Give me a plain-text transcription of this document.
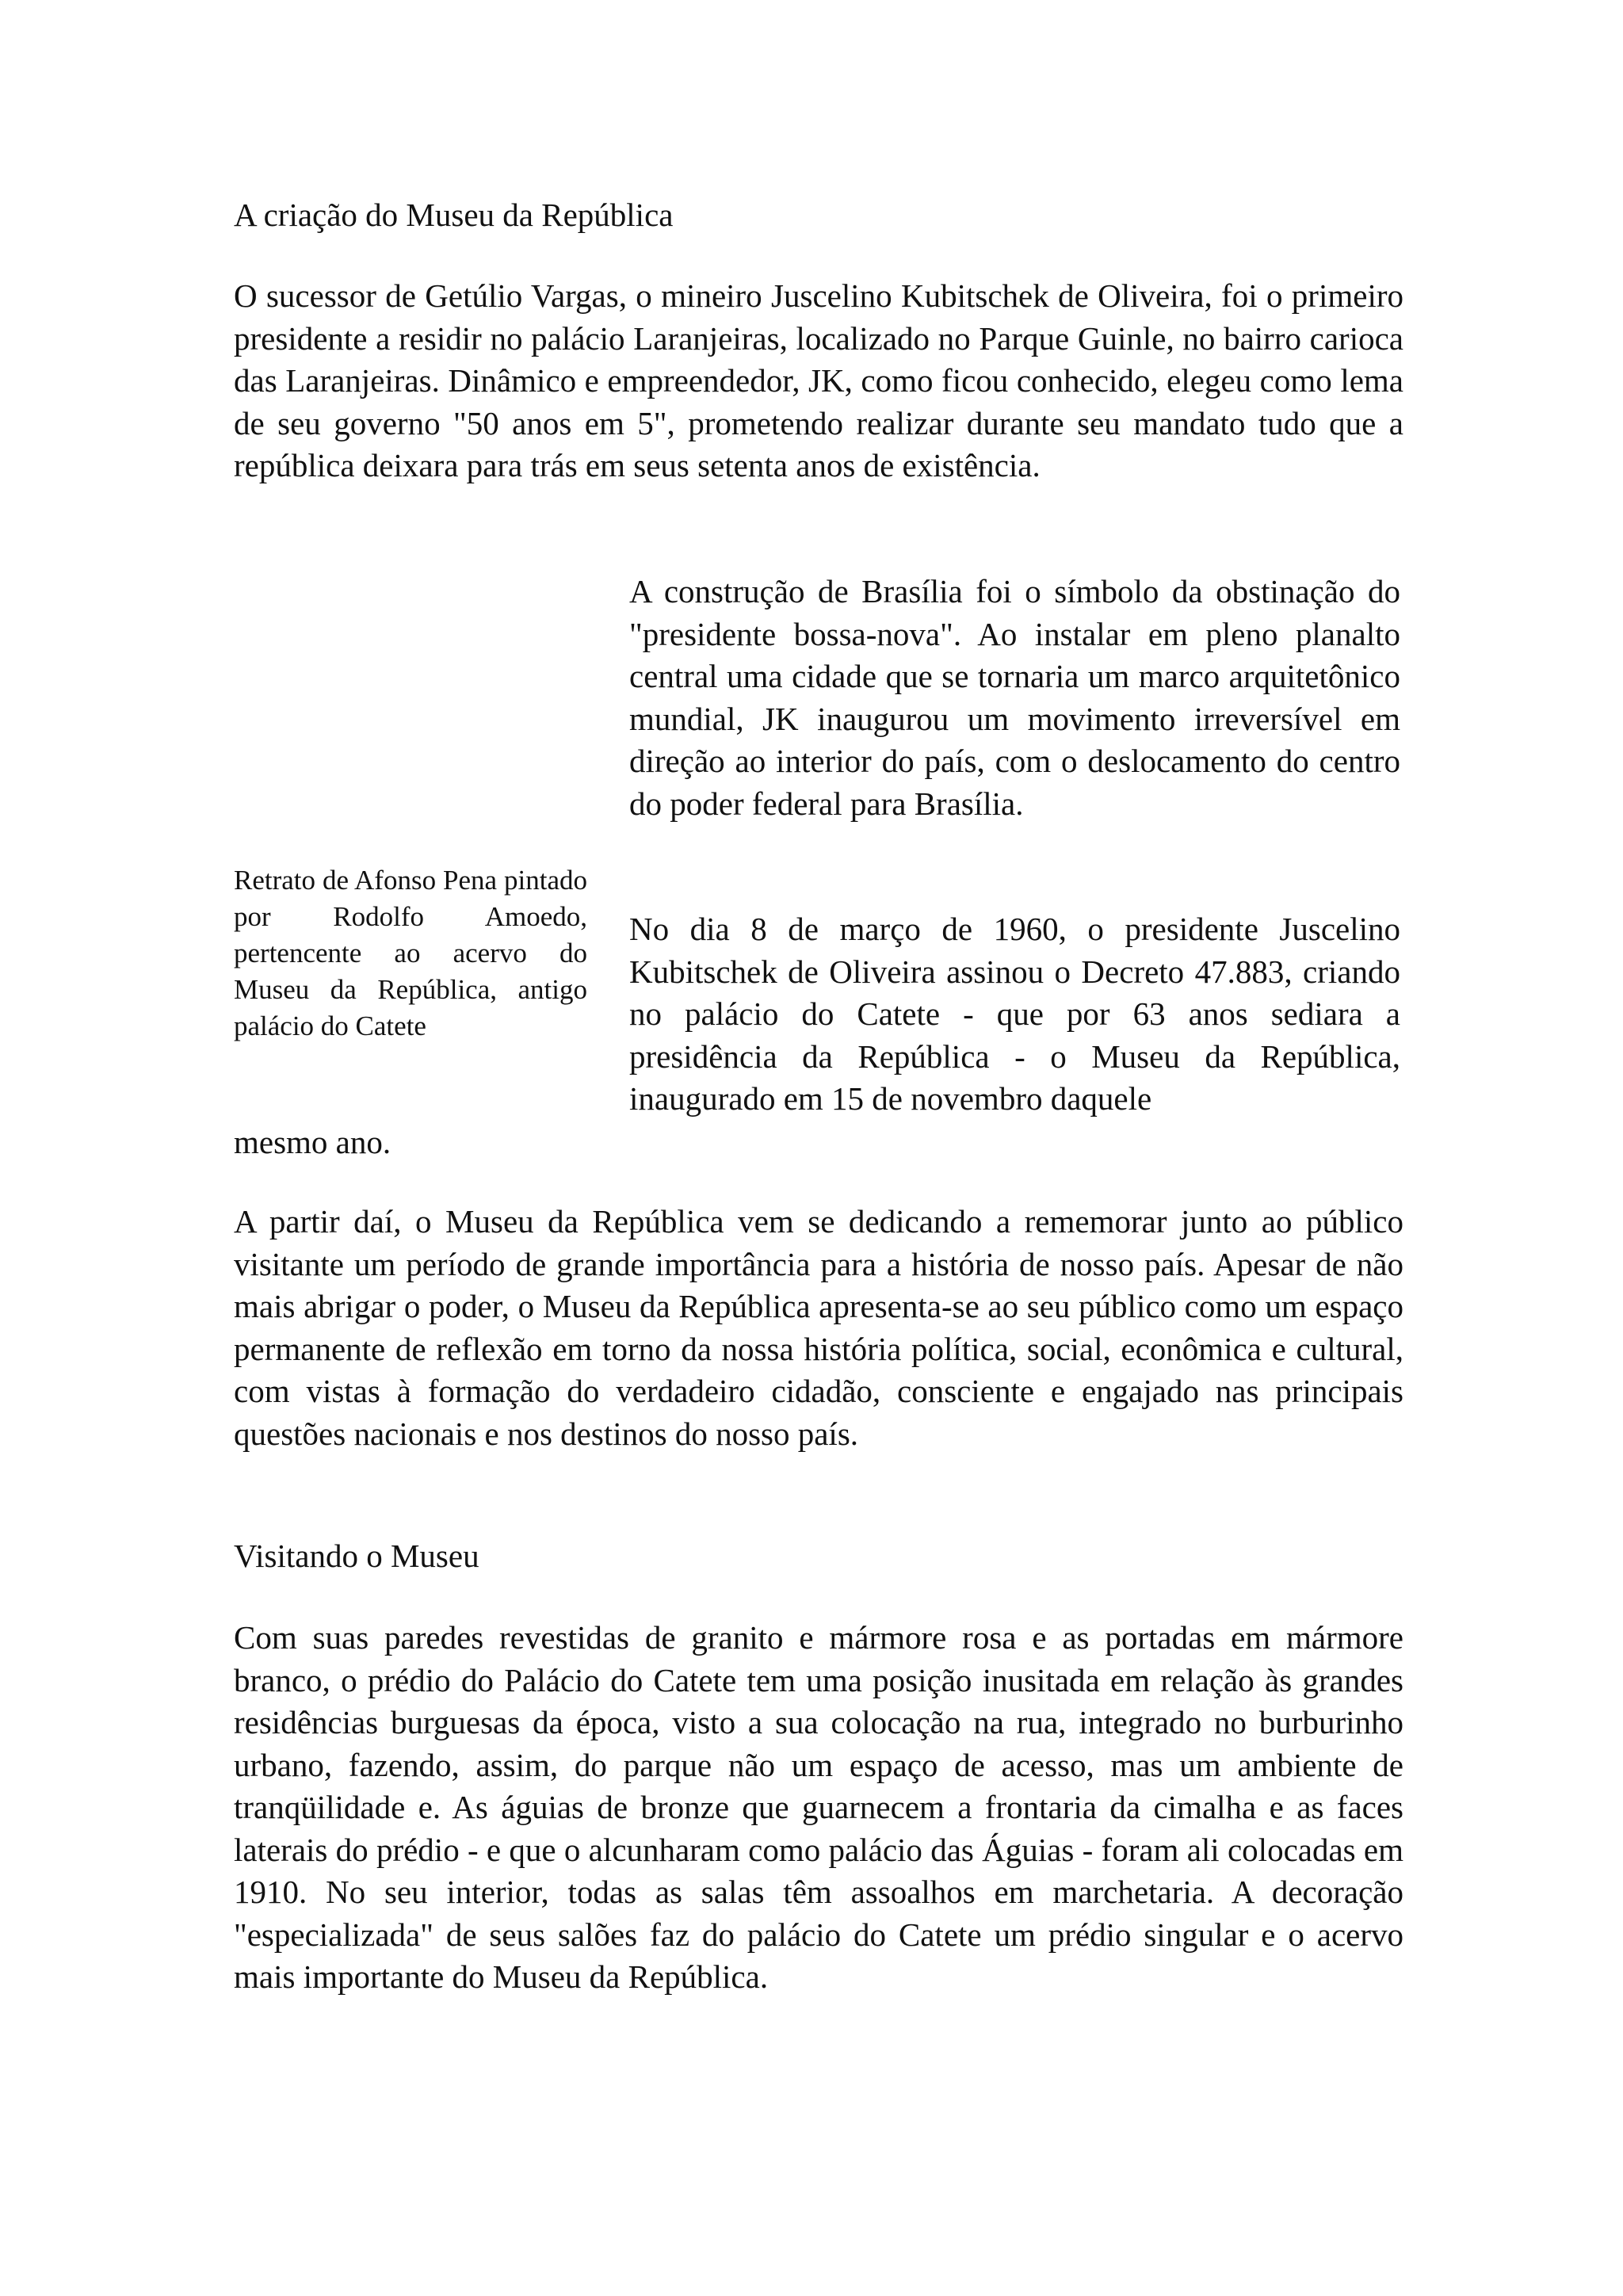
A criação do Museu da República

O sucessor de Getúlio Vargas, o mineiro Juscelino Kubitschek de Oliveira, foi o primeiro presidente a residir no palácio Laranjeiras, localizado no Parque Guinle, no bairro carioca das Laranjeiras. Dinâmico e empreendedor, JK, como ficou conhecido, elegeu como lema de seu governo "50 anos em 5", prometendo realizar durante seu mandato tudo que a república deixara para trás em seus setenta anos de existência.

Retrato de Afonso Pena pintado por Rodolfo Amoedo, pertencente ao acervo do Museu da República, antigo palácio do Catete

A construção de Brasília foi o símbolo da obstinação do "presidente bossa-nova". Ao instalar em pleno planalto central uma cidade que se tornaria um marco arquitetônico mundial, JK inaugurou um movimento irreversível em direção ao interior do país, com o deslocamento do centro do poder federal para Brasília.

No dia 8 de março de 1960, o presidente Juscelino Kubitschek de Oliveira assinou o Decreto 47.883, criando no palácio do Catete - que por 63 anos sediara a presidência da República - o Museu da República, inaugurado em 15 de novembro daquele

mesmo ano.

A partir daí, o Museu da República vem se dedicando a rememorar junto ao público visitante um período de grande importância para a história de nosso país. Apesar de não mais abrigar o poder, o Museu da República apresenta-se ao seu público como um espaço permanente de reflexão em torno da nossa história política, social, econômica e cultural, com vistas à formação do verdadeiro cidadão, consciente e engajado nas principais questões nacionais e nos destinos do nosso país.

Visitando o Museu

Com suas paredes revestidas de granito e mármore rosa e as portadas em mármore branco, o prédio do Palácio do Catete tem uma posição inusitada em relação às grandes residências burguesas da época, visto a sua colocação na rua, integrado no burburinho urbano, fazendo, assim, do parque não um espaço de acesso, mas um ambiente de tranqüilidade e. As águias de bronze que guarnecem a frontaria da cimalha e as faces laterais do prédio - e que o alcunharam como palácio das Águias - foram ali colocadas em 1910. No seu interior, todas as salas têm assoalhos em marchetaria. A decoração "especializada" de seus salões faz do palácio do Catete um prédio singular e o acervo mais importante do Museu da República.
